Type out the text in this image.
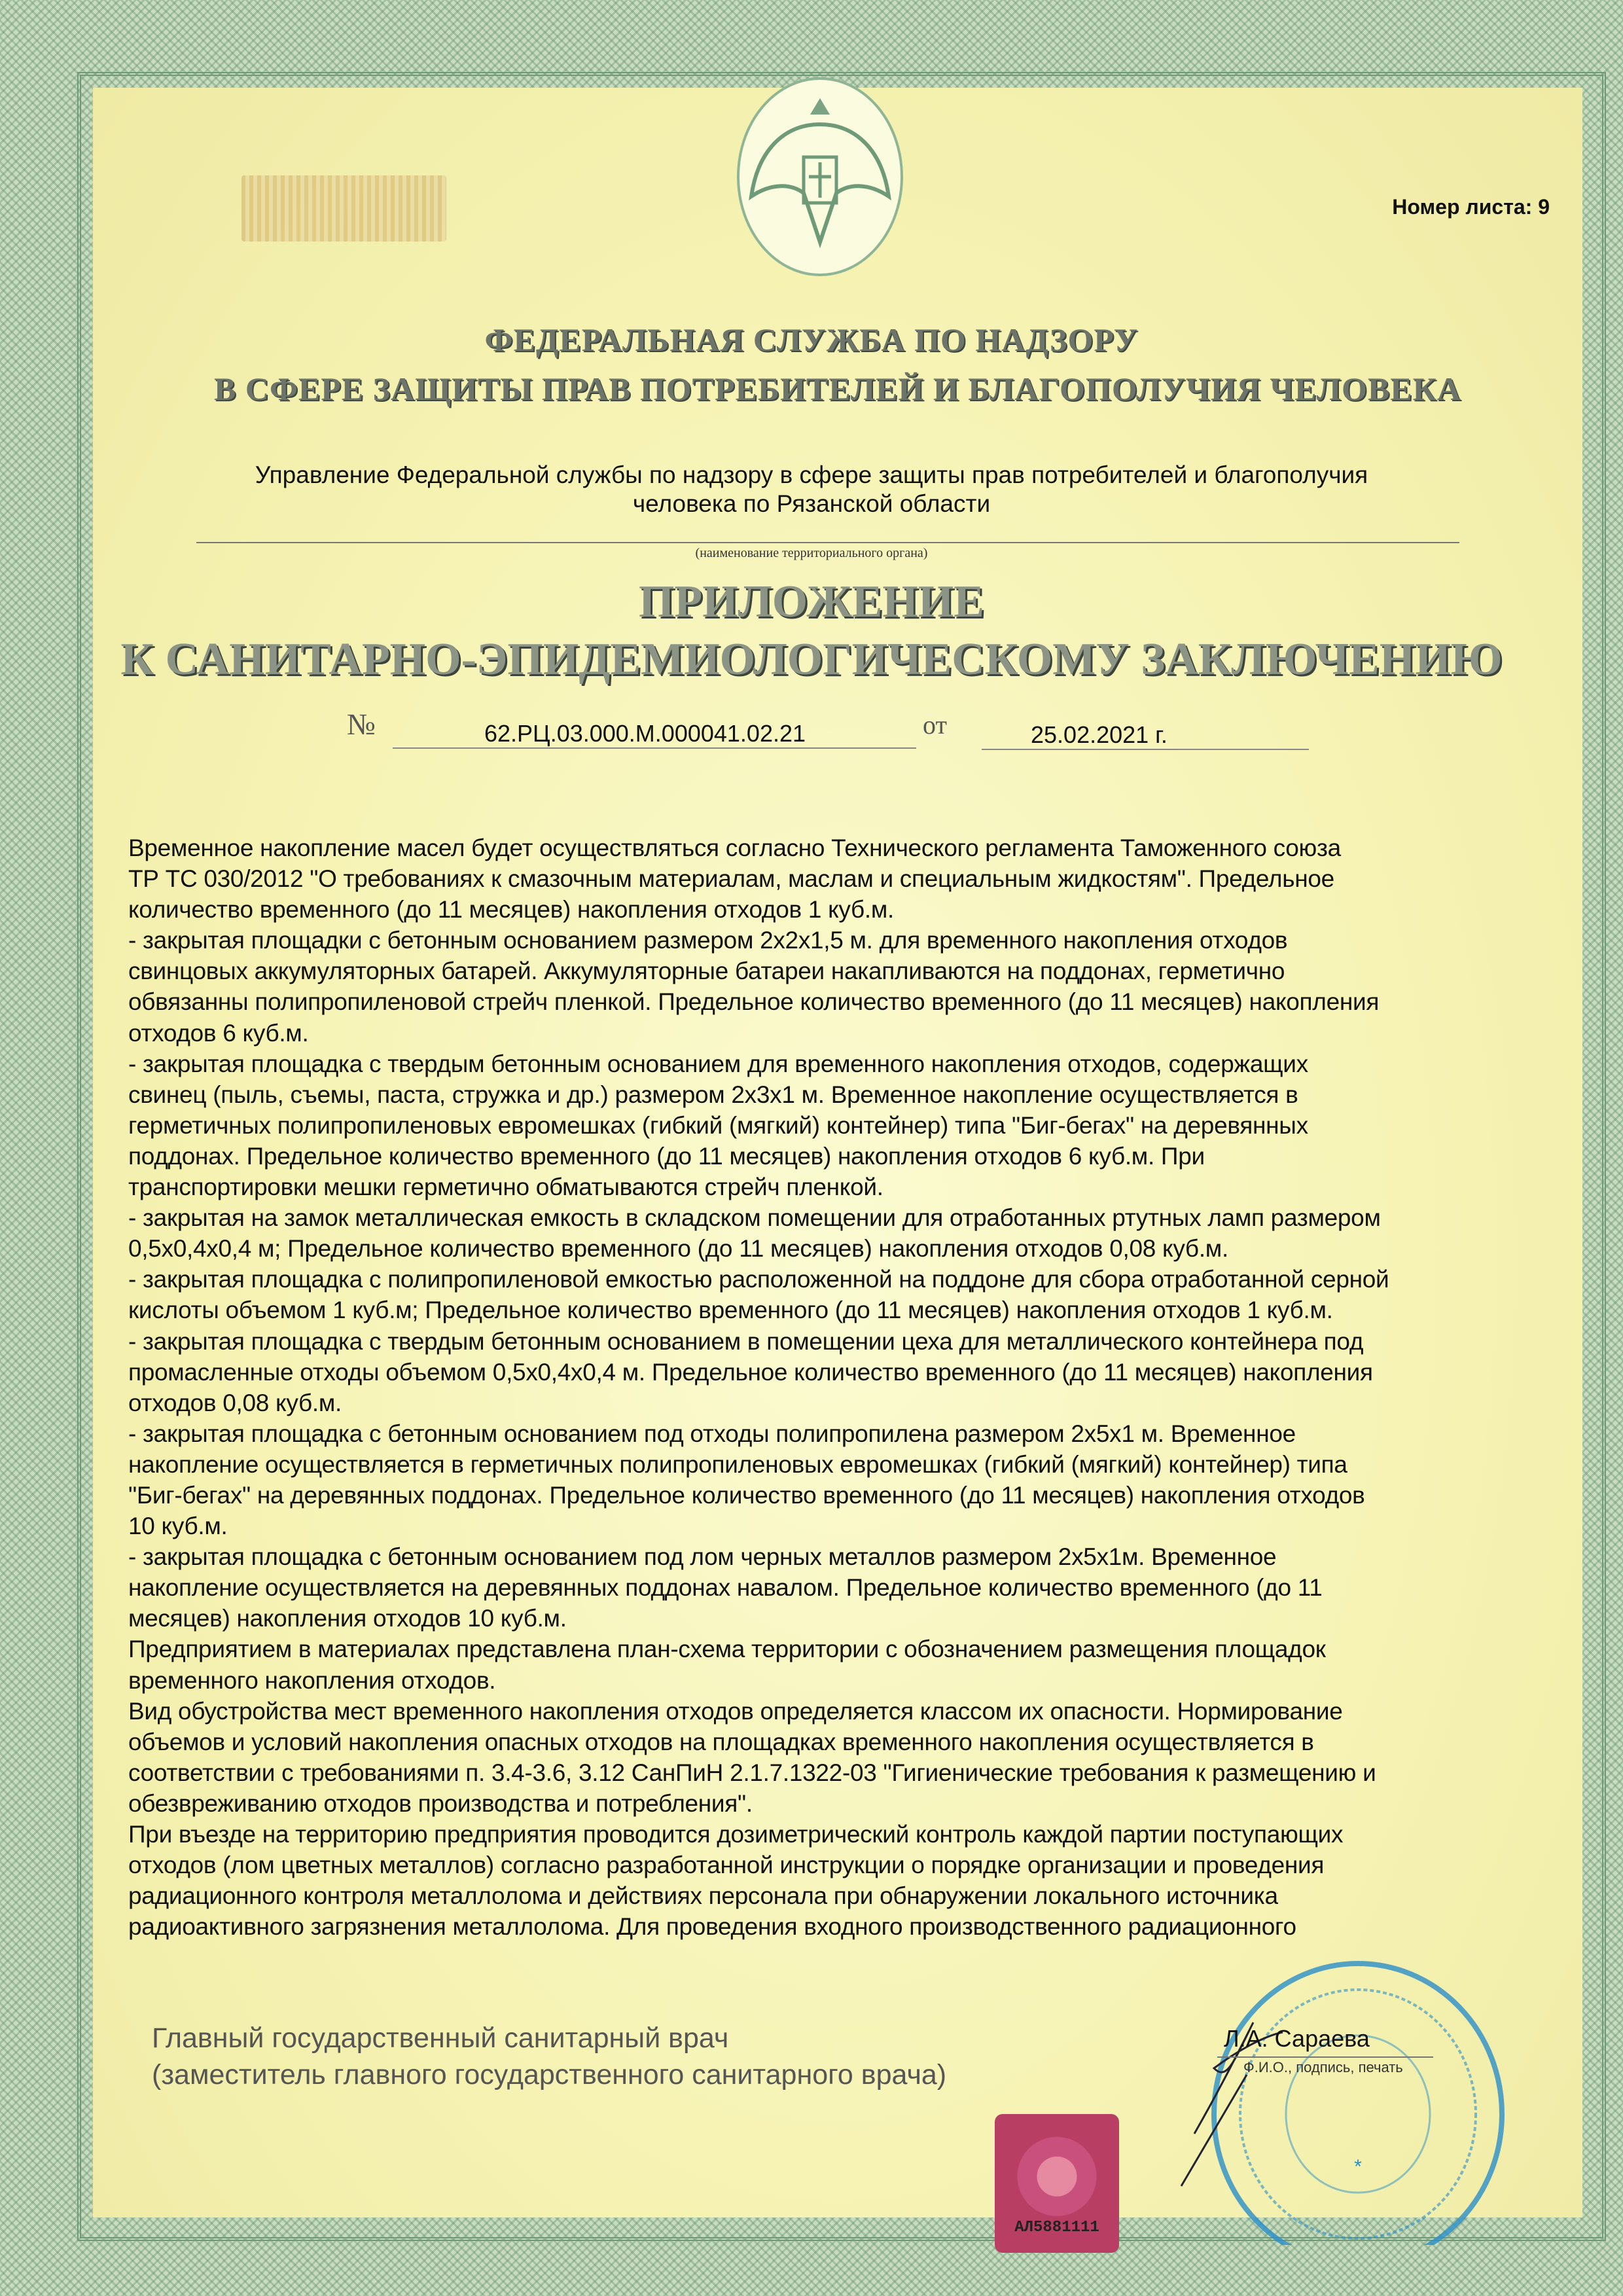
Номер листа: 9
ФЕДЕРАЛЬНАЯ СЛУЖБА ПО НАДЗОРУ
В СФЕРЕ ЗАЩИТЫ ПРАВ ПОТРЕБИТЕЛЕЙ И БЛАГОПОЛУЧИЯ ЧЕЛОВЕКА
Управление Федеральной службы по надзору в сфере защиты прав потребителей и благополучия
человека по Рязанской области
(наименование территориального органа)
ПРИЛОЖЕНИЕ
К САНИТАРНО-ЭПИДЕМИОЛОГИЧЕСКОМУ ЗАКЛЮЧЕНИЮ
№	62.РЦ.03.000.М.000041.02.21	от	25.02.2021 г.
Временное накопление масел будет осуществляться согласно Технического регламента Таможенного союза
ТР ТС 030/2012 "О требованиях к смазочным материалам, маслам и специальным жидкостям". Предельное
количество временного (до 11 месяцев) накопления отходов 1 куб.м.
- закрытая площадки с бетонным основанием размером 2x2x1,5 м. для временного накопления отходов
свинцовых аккумуляторных батарей. Аккумуляторные батареи накапливаются на поддонах, герметично
обвязанны полипропиленовой стрейч пленкой. Предельное количество временного (до 11 месяцев) накопления
отходов 6 куб.м.
- закрытая площадка с твердым бетонным основанием для временного накопления отходов, содержащих
свинец (пыль, съемы, паста, стружка и др.) размером 2x3x1 м. Временное накопление осуществляется в
герметичных полипропиленовых евромешках (гибкий (мягкий) контейнер) типа "Биг-бегах" на деревянных
поддонах. Предельное количество временного (до 11 месяцев) накопления отходов 6 куб.м. При
транспортировки мешки герметично обматываются стрейч пленкой.
- закрытая на замок металлическая емкость в складском помещении для отработанных ртутных ламп размером
0,5x0,4x0,4 м; Предельное количество временного (до 11 месяцев) накопления отходов 0,08 куб.м.
- закрытая площадка с полипропиленовой емкостью расположенной на поддоне для сбора отработанной серной
кислоты объемом 1 куб.м; Предельное количество временного (до 11 месяцев) накопления отходов 1 куб.м.
- закрытая площадка с твердым бетонным основанием в помещении цеха для металлического контейнера под
промасленные отходы объемом 0,5x0,4x0,4 м. Предельное количество временного (до 11 месяцев) накопления
отходов 0,08 куб.м.
- закрытая площадка с бетонным основанием под отходы полипропилена размером 2x5x1 м. Временное
накопление осуществляется в герметичных полипропиленовых евромешках (гибкий (мягкий) контейнер) типа
"Биг-бегах" на деревянных поддонах. Предельное количество временного (до 11 месяцев) накопления отходов
10 куб.м.
- закрытая площадка с бетонным основанием под лом черных металлов размером 2x5x1м. Временное
накопление осуществляется на деревянных поддонах навалом. Предельное количество временного (до 11
месяцев) накопления отходов 10 куб.м.
Предприятием в материалах представлена план-схема территории с обозначением размещения площадок
временного накопления отходов.
Вид обустройства мест временного накопления отходов определяется классом их опасности. Нормирование
объемов и условий накопления опасных отходов на площадках временного накопления осуществляется в
соответствии с требованиями п. 3.4-3.6, 3.12 СанПиН 2.1.7.1322-03 "Гигиенические требования к размещению и
обезвреживанию отходов производства и потребления".
При въезде на территорию предприятия проводится дозиметрический контроль каждой партии поступающих
отходов (лом цветных металлов) согласно разработанной инструкции о порядке организации и проведения
радиационного контроля металлолома и действиях персонала при обнаружении локального источника
радиоактивного загрязнения металлолома. Для проведения входного производственного радиационного
Главный государственный санитарный врач
(заместитель главного государственного санитарного врача)
*
Л.А. Сараева
Ф.И.О., подпись, печать
АЛ5881111
